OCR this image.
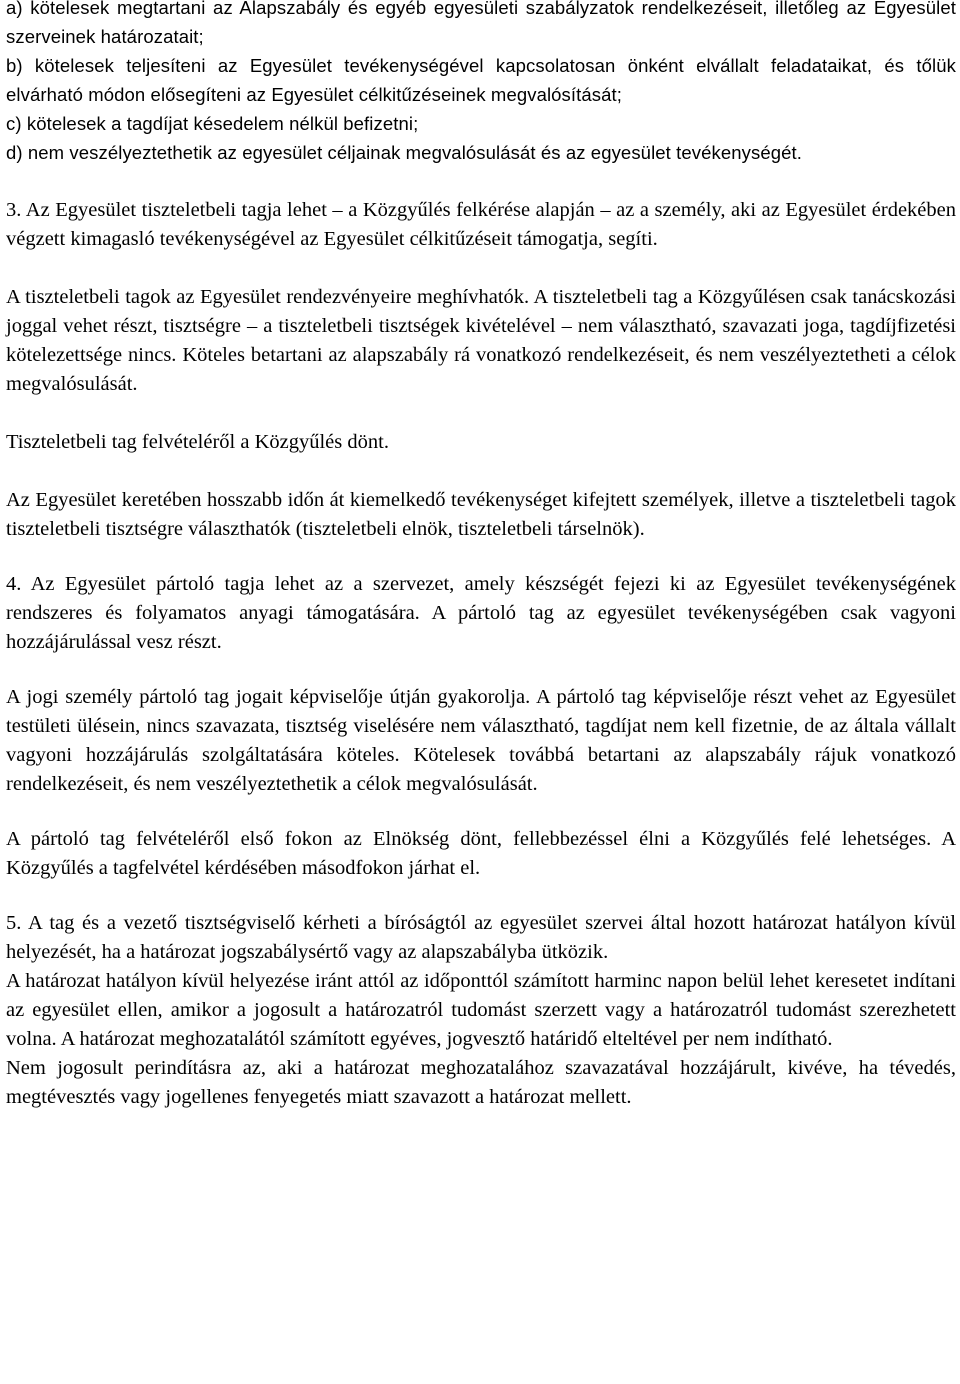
a) kötelesek megtartani az Alapszabály és egyéb egyesületi szabályzatok rendelkezéseit, illetőleg az Egyesület szerveinek határozatait;

b) kötelesek teljesíteni az Egyesület tevékenységével kapcsolatosan önként elvállalt feladataikat, és tőlük elvárható módon elősegíteni az Egyesület célkitűzéseinek megvalósítását;

c) kötelesek a tagdíjat késedelem nélkül befizetni;

d) nem veszélyeztethetik az egyesület céljainak megvalósulását és az egyesület tevékenységét.

3. Az Egyesület tiszteletbeli tagja lehet – a Közgyűlés felkérése alapján – az a személy, aki az Egyesület érdekében végzett kimagasló tevékenységével az Egyesület célkitűzéseit támogatja, segíti.

A tiszteletbeli tagok az Egyesület rendezvényeire meghívhatók. A tiszteletbeli tag a Közgyűlésen csak tanácskozási joggal vehet részt, tisztségre – a tiszteletbeli tisztségek kivételével – nem választható, szavazati joga, tagdíjfizetési kötelezettsége nincs. Köteles betartani az alapszabály rá vonatkozó rendelkezéseit, és nem veszélyeztetheti a célok megvalósulását.

Tiszteletbeli tag felvételéről a Közgyűlés dönt.

Az Egyesület keretében hosszabb időn át kiemelkedő tevékenységet kifejtett személyek, illetve a tiszteletbeli tagok tiszteletbeli tisztségre választhatók (tiszteletbeli elnök, tiszteletbeli társelnök).

4. Az Egyesület pártoló tagja lehet az a szervezet, amely készségét fejezi ki az Egyesület tevékenységének rendszeres és folyamatos anyagi támogatására. A pártoló tag az egyesület tevékenységében csak vagyoni hozzájárulással vesz részt.

A jogi személy pártoló tag jogait képviselője útján gyakorolja. A pártoló tag képviselője részt vehet az Egyesület testületi ülésein, nincs szavazata, tisztség viselésére nem választható, tagdíjat nem kell fizetnie, de az általa vállalt vagyoni hozzájárulás szolgáltatására köteles. Kötelesek továbbá betartani az alapszabály rájuk vonatkozó rendelkezéseit, és nem veszélyeztethetik a célok megvalósulását.

A pártoló tag felvételéről első fokon az Elnökség dönt, fellebbezéssel élni a Közgyűlés felé lehetséges. A Közgyűlés a tagfelvétel kérdésében másodfokon járhat el.

5. A tag és a vezető tisztségviselő kérheti a bíróságtól az egyesület szervei által hozott határozat hatályon kívül helyezését, ha a határozat jogszabálysértő vagy az alapszabályba ütközik.

A határozat hatályon kívül helyezése iránt attól az időponttól számított harminc napon belül lehet keresetet indítani az egyesület ellen, amikor a jogosult a határozatról tudomást szerzett vagy a határozatról tudomást szerezhetett volna. A határozat meghozatalától számított egyéves, jogvesztő határidő elteltével per nem indítható.

Nem jogosult perindításra az, aki a határozat meghozatalához szavazatával hozzájárult, kivéve, ha tévedés, megtévesztés vagy jogellenes fenyegetés miatt szavazott a határozat mellett.
